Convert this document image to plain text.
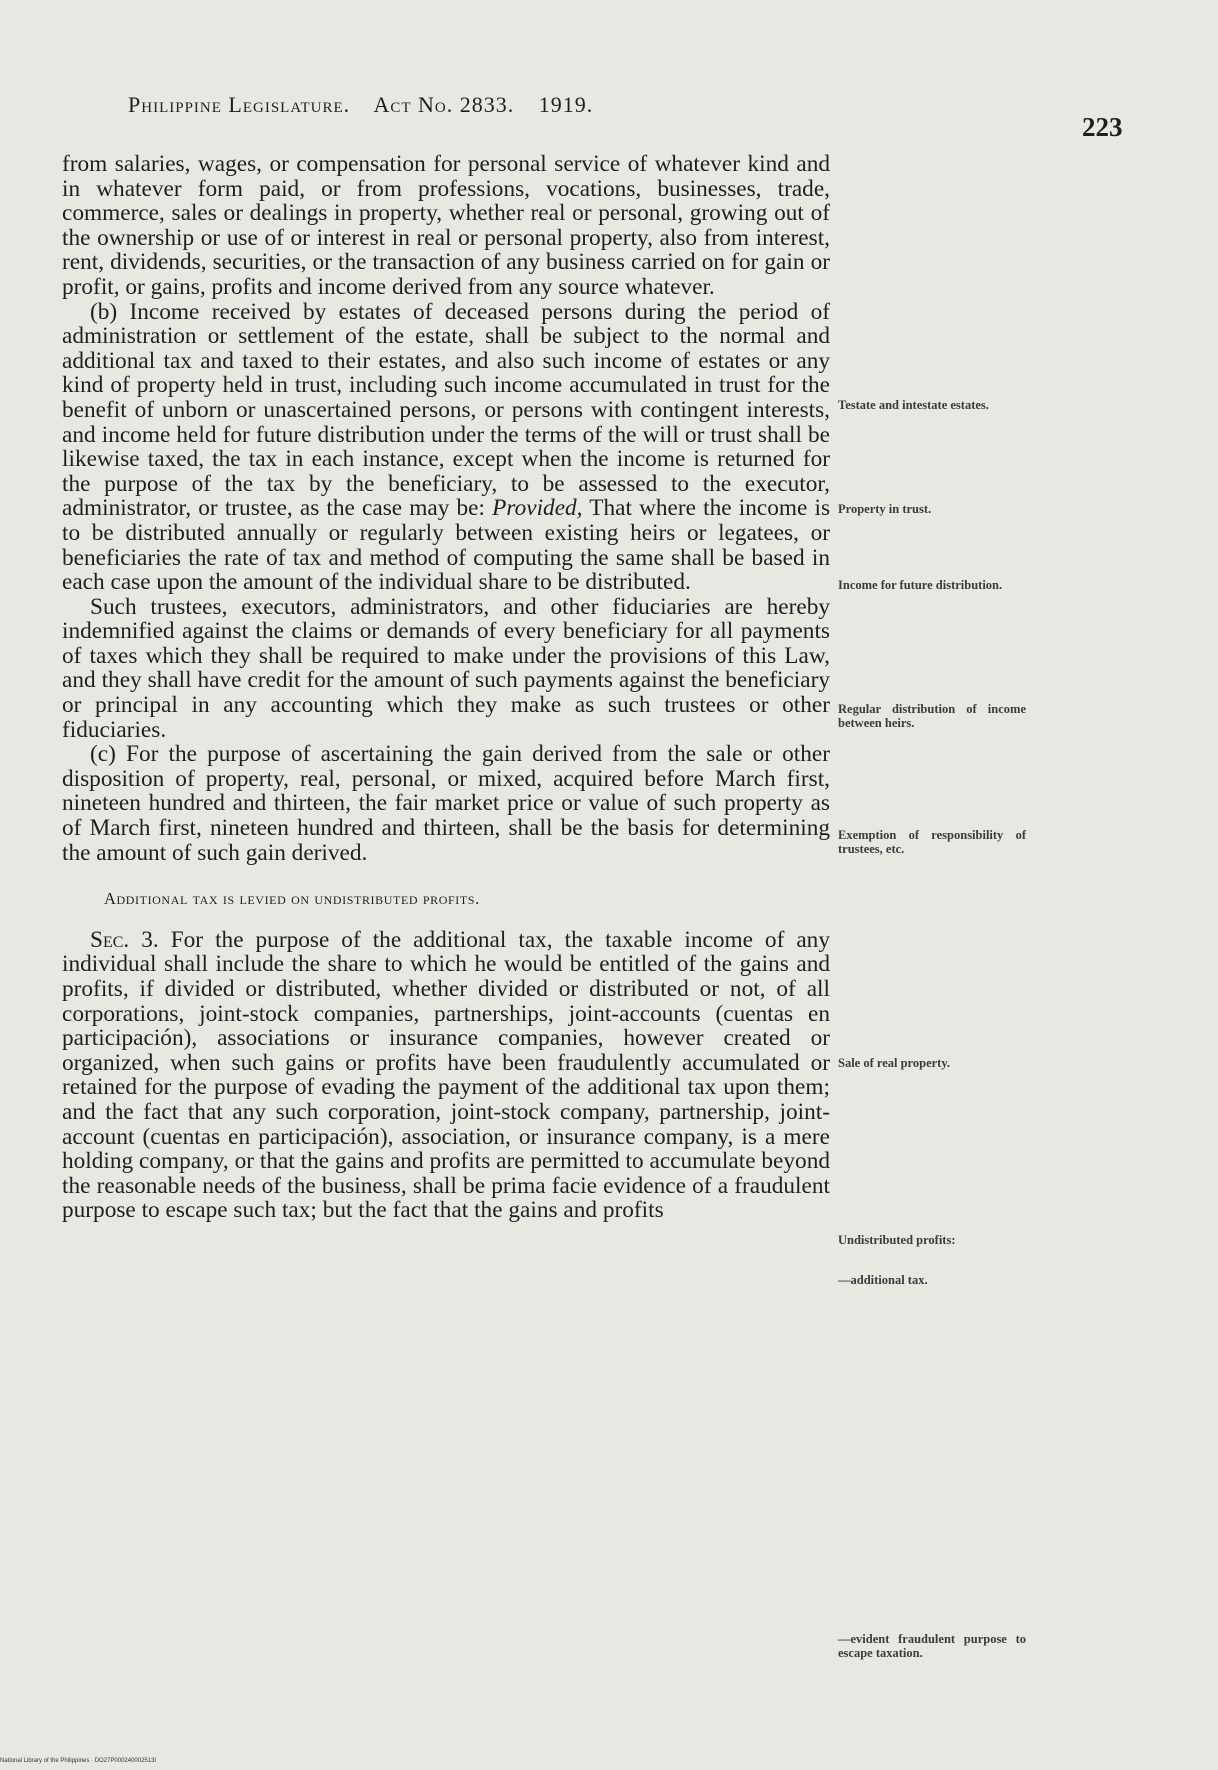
Philippine Legislature. Act No. 2833. 1919.
223

from salaries, wages, or compensation for personal service of whatever kind and in whatever form paid, or from professions, vocations, businesses, trade, commerce, sales or dealings in property, whether real or personal, growing out of the ownership or use of or interest in real or personal property, also from interest, rent, dividends, securities, or the transaction of any business carried on for gain or profit, or gains, profits and income derived from any source whatever.

(b) Income received by estates of deceased persons during the period of administration or settlement of the estate, shall be subject to the normal and additional tax and taxed to their estates, and also such income of estates or any kind of property held in trust, including such income accumulated in trust for the benefit of unborn or unascertained persons, or persons with contingent interests, and income held for future distribution under the terms of the will or trust shall be likewise taxed, the tax in each instance, except when the income is returned for the purpose of the tax by the beneficiary, to be assessed to the executor, administrator, or trustee, as the case may be: Provided, That where the income is to be distributed annually or regularly between existing heirs or legatees, or beneficiaries the rate of tax and method of computing the same shall be based in each case upon the amount of the individual share to be distributed.

Such trustees, executors, administrators, and other fiduciaries are hereby indemnified against the claims or demands of every beneficiary for all payments of taxes which they shall be required to make under the provisions of this Law, and they shall have credit for the amount of such payments against the beneficiary or principal in any accounting which they make as such trustees or other fiduciaries.

(c) For the purpose of ascertaining the gain derived from the sale or other disposition of property, real, personal, or mixed, acquired before March first, nineteen hundred and thirteen, the fair market price or value of such property as of March first, nineteen hundred and thirteen, shall be the basis for determining the amount of such gain derived.

Additional tax is levied on undistributed profits.

Sec. 3. For the purpose of the additional tax, the taxable income of any individual shall include the share to which he would be entitled of the gains and profits, if divided or distributed, whether divided or distributed or not, of all corporations, joint-stock companies, partnerships, joint-accounts (cuentas en participación), associations or insurance companies, however created or organized, when such gains or profits have been fraudulently accumulated or retained for the purpose of evading the payment of the additional tax upon them; and the fact that any such corporation, joint-stock company, partnership, joint-account (cuentas en participación), association, or insurance company, is a mere holding company, or that the gains and profits are permitted to accumulate beyond the reasonable needs of the business, shall be prima facie evidence of a fraudulent purpose to escape such tax; but the fact that the gains and profits

Testate and intestate estates.
Property in trust.
Income for future distribution.
Regular distribution of income between heirs.
Exemption of responsibility of trustees, etc.
Sale of real property.
Undistributed profits:
—additional tax.
—evident fraudulent purpose to escape taxation.
National Library of the Philippines · DO27P000240002513I
